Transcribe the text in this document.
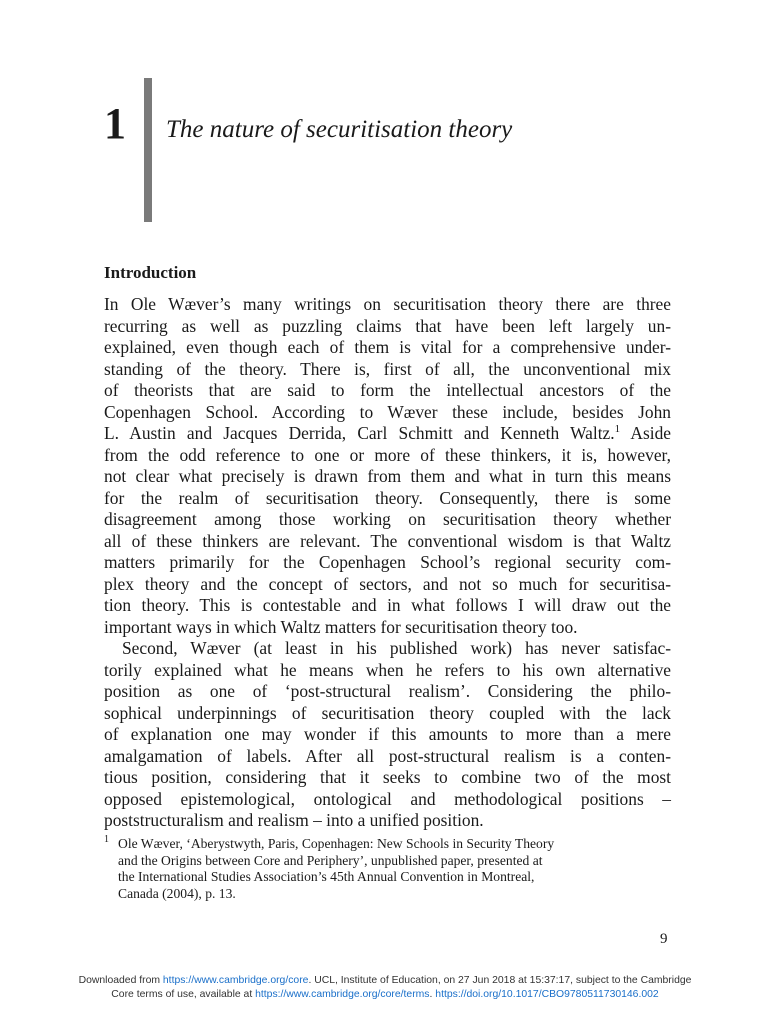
1 The nature of securitisation theory
Introduction
In Ole Wæver’s many writings on securitisation theory there are three
recurring as well as puzzling claims that have been left largely un-
explained, even though each of them is vital for a comprehensive under-
standing of the theory. There is, first of all, the unconventional mix
of theorists that are said to form the intellectual ancestors of the
Copenhagen School. According to Wæver these include, besides John
L. Austin and Jacques Derrida, Carl Schmitt and Kenneth Waltz.$^1$ Aside
from the odd reference to one or more of these thinkers, it is, however,
not clear what precisely is drawn from them and what in turn this means
for the realm of securitisation theory. Consequently, there is some
disagreement among those working on securitisation theory whether
all of these thinkers are relevant. The conventional wisdom is that Waltz
matters primarily for the Copenhagen School’s regional security com-
plex theory and the concept of sectors, and not so much for securitisa-
tion theory. This is contestable and in what follows I will draw out the
important ways in which Waltz matters for securitisation theory too.
Second, Wæver (at least in his published work) has never satisfac-
torily explained what he means when he refers to his own alternative
position as one of ‘post-structural realism’. Considering the philo-
sophical underpinnings of securitisation theory coupled with the lack
of explanation one may wonder if this amounts to more than a mere
amalgamation of labels. After all post-structural realism is a conten-
tious position, considering that it seeks to combine two of the most
opposed epistemological, ontological and methodological positions –
poststructuralism and realism – into a unified position.
1 Ole Wæver, ‘Aberystwyth, Paris, Copenhagen: New Schools in Security Theory
and the Origins between Core and Periphery’, unpublished paper, presented at
the International Studies Association’s 45th Annual Convention in Montreal,
Canada (2004), p. 13.
9
Downloaded from https://www.cambridge.org/core. UCL, Institute of Education, on 27 Jun 2018 at 15:37:17, subject to the Cambridge
Core terms of use, available at https://www.cambridge.org/core/terms. https://doi.org/10.1017/CBO9780511730146.002
